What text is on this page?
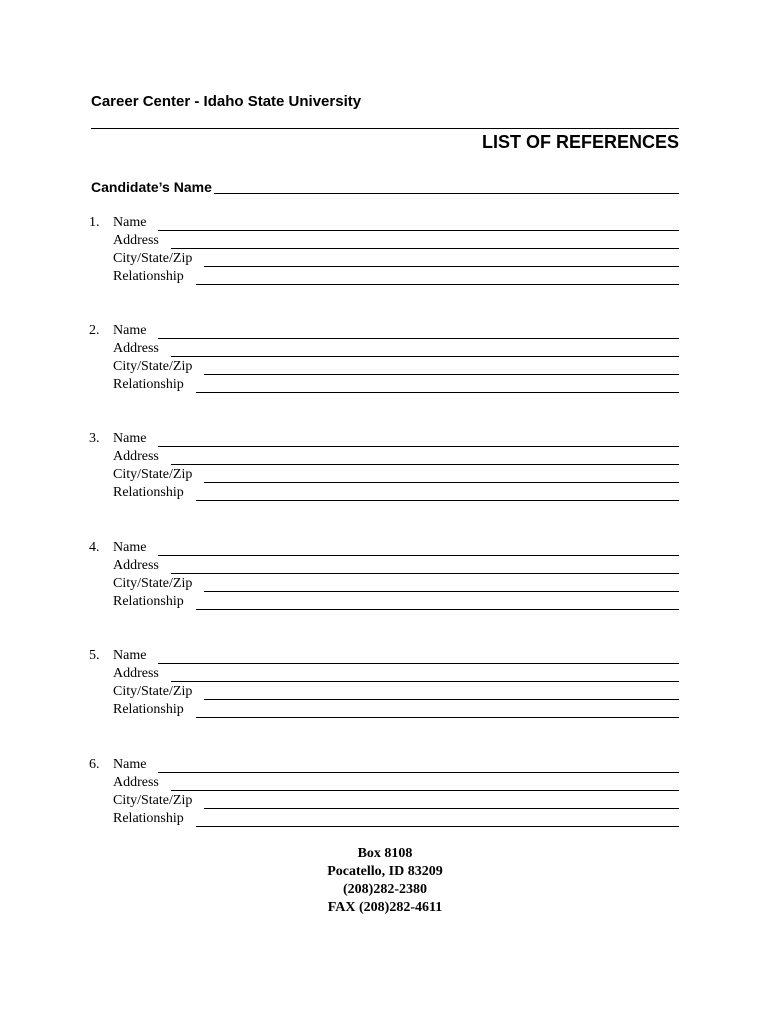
Career Center - Idaho State University
LIST OF REFERENCES
Candidate’s Name
1. Name
Address
City/State/Zip
Relationship
2. Name
Address
City/State/Zip
Relationship
3. Name
Address
City/State/Zip
Relationship
4. Name
Address
City/State/Zip
Relationship
5. Name
Address
City/State/Zip
Relationship
6. Name
Address
City/State/Zip
Relationship
Box 8108
Pocatello, ID 83209
(208)282-2380
FAX (208)282-4611
